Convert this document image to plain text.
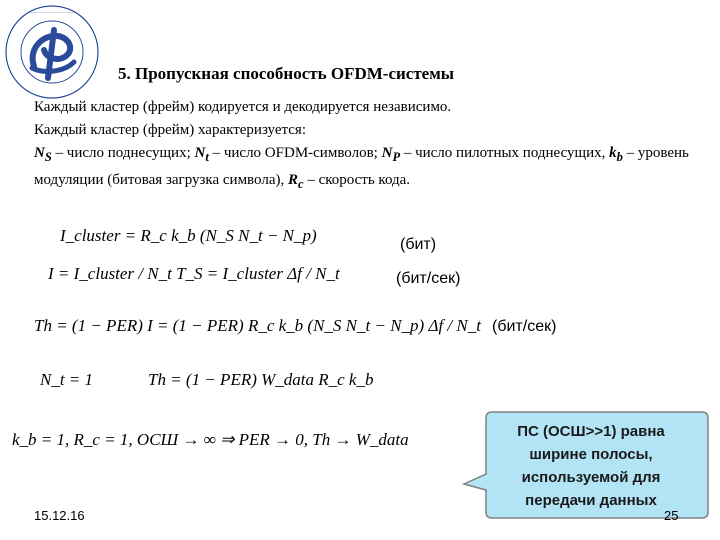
·····························
5. Пропускная способность OFDM-системы

Каждый кластер (фрейм) кодируется и декодируется независимо.

Каждый кластер (фрейм) характеризуется:

$N_S$ – число поднесущих; $N_t$ – число OFDM-символов; $N_P$ – число пилотных поднесущих, $k_b$ – уровень модуляции (битовая загрузка символа), $R_c$ – скорость кода.

I_cluster = R_c k_b (N_S N_t − N_p)	(бит)
I = I_cluster / N_t T_S = I_cluster Δf / N_t	(бит/сек)
Th = (1 − PER) I = (1 − PER) R_c k_b (N_S N_t − N_p) Δf / N_t (бит/сек)
N_t = 1	Th = (1 − PER) W_data R_c k_b
k_b = 1, R_c = 1, ОСШ → ∞ ⇒ PER → 0, Th → W_data	ПС (ОСШ>>1) равна ширине полосы, используемой для передачи данных
15.12.16	25
